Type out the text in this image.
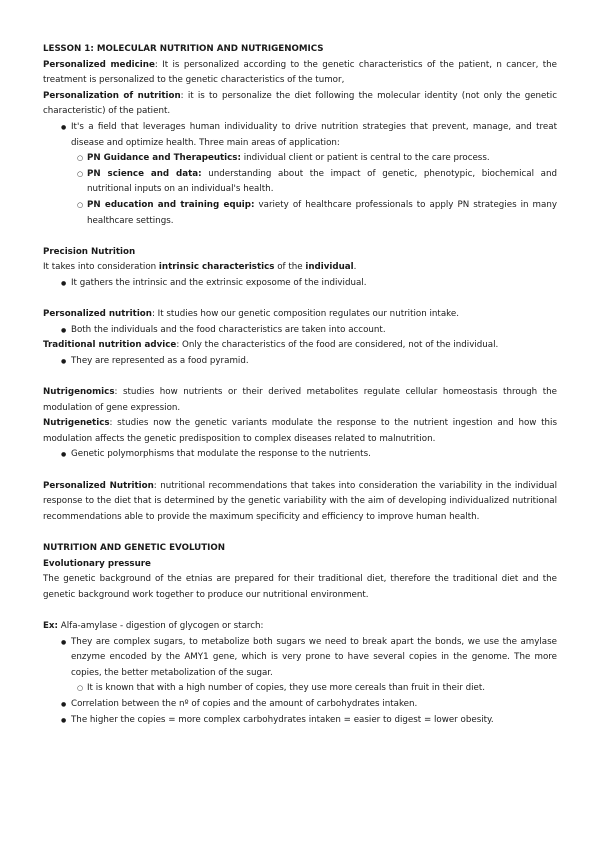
LESSON 1: MOLECULAR NUTRITION AND NUTRIGENOMICS

Personalized medicine: It is personalized according to the genetic characteristics of the patient, n cancer, the treatment is personalized to the genetic characteristics of the tumor,

Personalization of nutrition: it is to personalize the diet following the molecular identity (not only the genetic characteristic) of the patient.

● It's a field that leverages human individuality to drive nutrition strategies that prevent, manage, and treat disease and optimize health. Three main areas of application:
○ PN Guidance and Therapeutics: individual client or patient is central to the care process.
○ PN science and data: understanding about the impact of genetic, phenotypic, biochemical and nutritional inputs on an individual's health.
○ PN education and training equip: variety of healthcare professionals to apply PN strategies in many healthcare settings.

Precision Nutrition

It takes into consideration intrinsic characteristics of the individual.

● It gathers the intrinsic and the extrinsic exposome of the individual.

Personalized nutrition: It studies how our genetic composition regulates our nutrition intake.

● Both the individuals and the food characteristics are taken into account.

Traditional nutrition advice: Only the characteristics of the food are considered, not of the individual.

● They are represented as a food pyramid.

Nutrigenomics: studies how nutrients or their derived metabolites regulate cellular homeostasis through the modulation of gene expression.

Nutrigenetics: studies now the genetic variants modulate the response to the nutrient ingestion and how this modulation affects the genetic predisposition to complex diseases related to malnutrition.

● Genetic polymorphisms that modulate the response to the nutrients.

Personalized Nutrition: nutritional recommendations that takes into consideration the variability in the individual response to the diet that is determined by the genetic variability with the aim of developing individualized nutritional recommendations able to provide the maximum specificity and efficiency to improve human health.

NUTRITION AND GENETIC EVOLUTION

Evolutionary pressure

The genetic background of the etnias are prepared for their traditional diet, therefore the traditional diet and the genetic background work together to produce our nutritional environment.

Ex: Alfa-amylase - digestion of glycogen or starch:

● They are complex sugars, to metabolize both sugars we need to break apart the bonds, we use the amylase enzyme encoded by the AMY1 gene, which is very prone to have several copies in the genome. The more copies, the better metabolization of the sugar.
○ It is known that with a high number of copies, they use more cereals than fruit in their diet.
● Correlation between the nº of copies and the amount of carbohydrates intaken.
● The higher the copies = more complex carbohydrates intaken = easier to digest = lower obesity.
